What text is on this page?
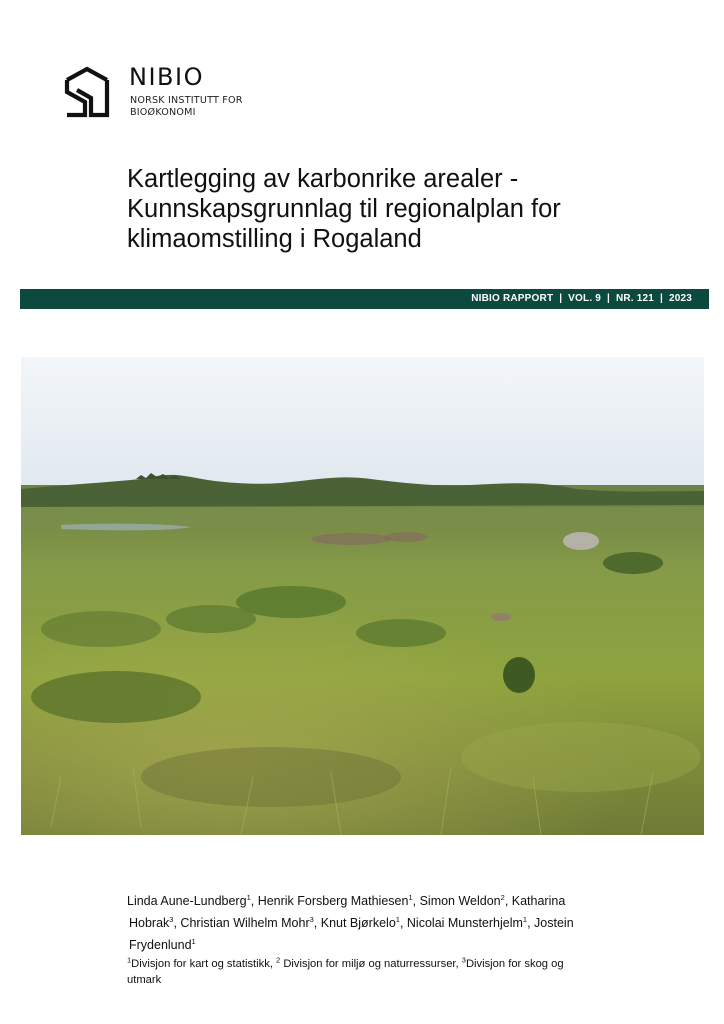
NIBIO
NORSK INSTITUTT FOR
BIOØKONOMI
Kartlegging av karbonrike arealer -
Kunnskapsgrunnlag til regionalplan for
klimaomstilling i Rogaland
NIBIO RAPPORT  |  VOL. 9  |  NR. 121  |  2023
Linda Aune-Lundberg$^1$, Henrik Forsberg Mathiesen$^1$, Simon Weldon$^2$, Katharina
Hobrak$^3$, Christian Wilhelm Mohr$^3$, Knut Bjørkelo$^1$, Nicolai Munsterhjelm$^1$, Jostein
Frydenlund$^1$
$^1$Divisjon for kart og statistikk, $^2$ Divisjon for miljø og naturressurser, $^3$Divisjon for skog og
utmark
